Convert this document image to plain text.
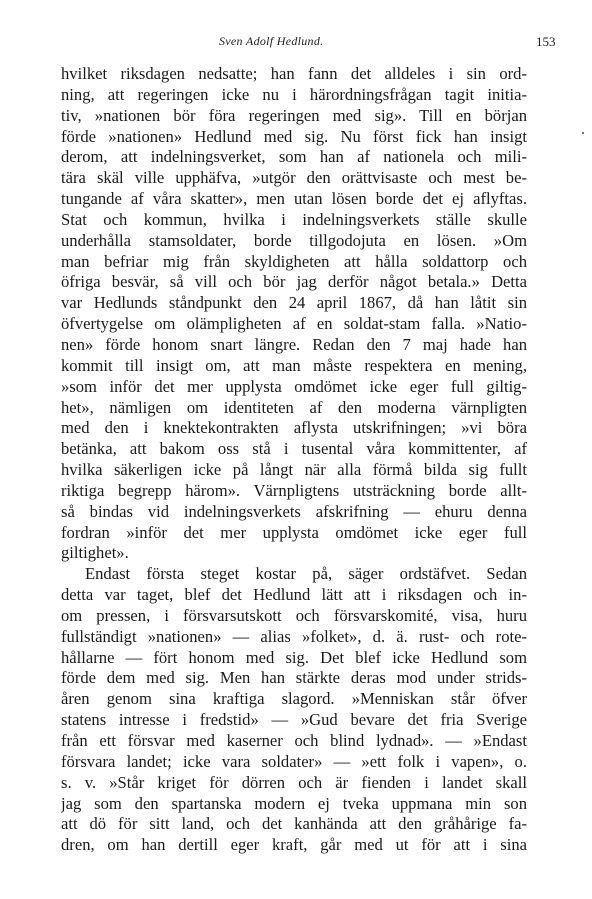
Sven Adolf Hedlund.	153
hvilket riksdagen nedsatte; han fann det alldeles i sin ord-
ning, att regeringen icke nu i härordningsfrågan tagit initia-
tiv, »nationen bör föra regeringen med sig». Till en början
förde »nationen» Hedlund med sig. Nu först fick han insigt
derom, att indelningsverket, som han af nationela och mili-
tära skäl ville upphäfva, »utgör den orättvisaste och mest be-
tungande af våra skatter», men utan lösen borde det ej aflyftas.
Stat och kommun, hvilka i indelningsverkets ställe skulle
underhålla stamsoldater, borde tillgodojuta en lösen. »Om
man befriar mig från skyldigheten att hålla soldattorp och
öfriga besvär, så vill och bör jag derför något betala.» Detta
var Hedlunds ståndpunkt den 24 april 1867, då han låtit sin
öfvertygelse om olämpligheten af en soldat-stam falla. »Natio-
nen» förde honom snart längre. Redan den 7 maj hade han
kommit till insigt om, att man måste respektera en mening,
»som inför det mer upplysta omdömet icke eger full giltig-
het», nämligen om identiteten af den moderna värnpligten
med den i knektekontrakten aflysta utskrifningen; »vi böra
betänka, att bakom oss stå i tusental våra kommittenter, af
hvilka säkerligen icke på långt när alla förmå bilda sig fullt
riktiga begrepp härom». Värnpligtens utsträckning borde allt-
så bindas vid indelningsverkets afskrifning — ehuru denna
fordran »inför det mer upplysta omdömet icke eger full
giltighet».
Endast första steget kostar på, säger ordstäfvet. Sedan
detta var taget, blef det Hedlund lätt att i riksdagen och in-
om pressen, i försvarsutskott och försvarskomité, visa, huru
fullständigt »nationen» — alias »folket», d. ä. rust- och rote-
hållarne — fört honom med sig. Det blef icke Hedlund som
förde dem med sig. Men han stärkte deras mod under strids-
åren genom sina kraftiga slagord. »Menniskan står öfver
statens intresse i fredstid» — »Gud bevare det fria Sverige
från ett försvar med kaserner och blind lydnad». — »Endast
försvara landet; icke vara soldater» — »ett folk i vapen», o.
s. v. »Står kriget för dörren och är fienden i landet skall
jag som den spartanska modern ej tveka uppmana min son
att dö för sitt land, och det kanhända att den gråhårige fa-
dren, om han dertill eger kraft, går med ut för att i sina
